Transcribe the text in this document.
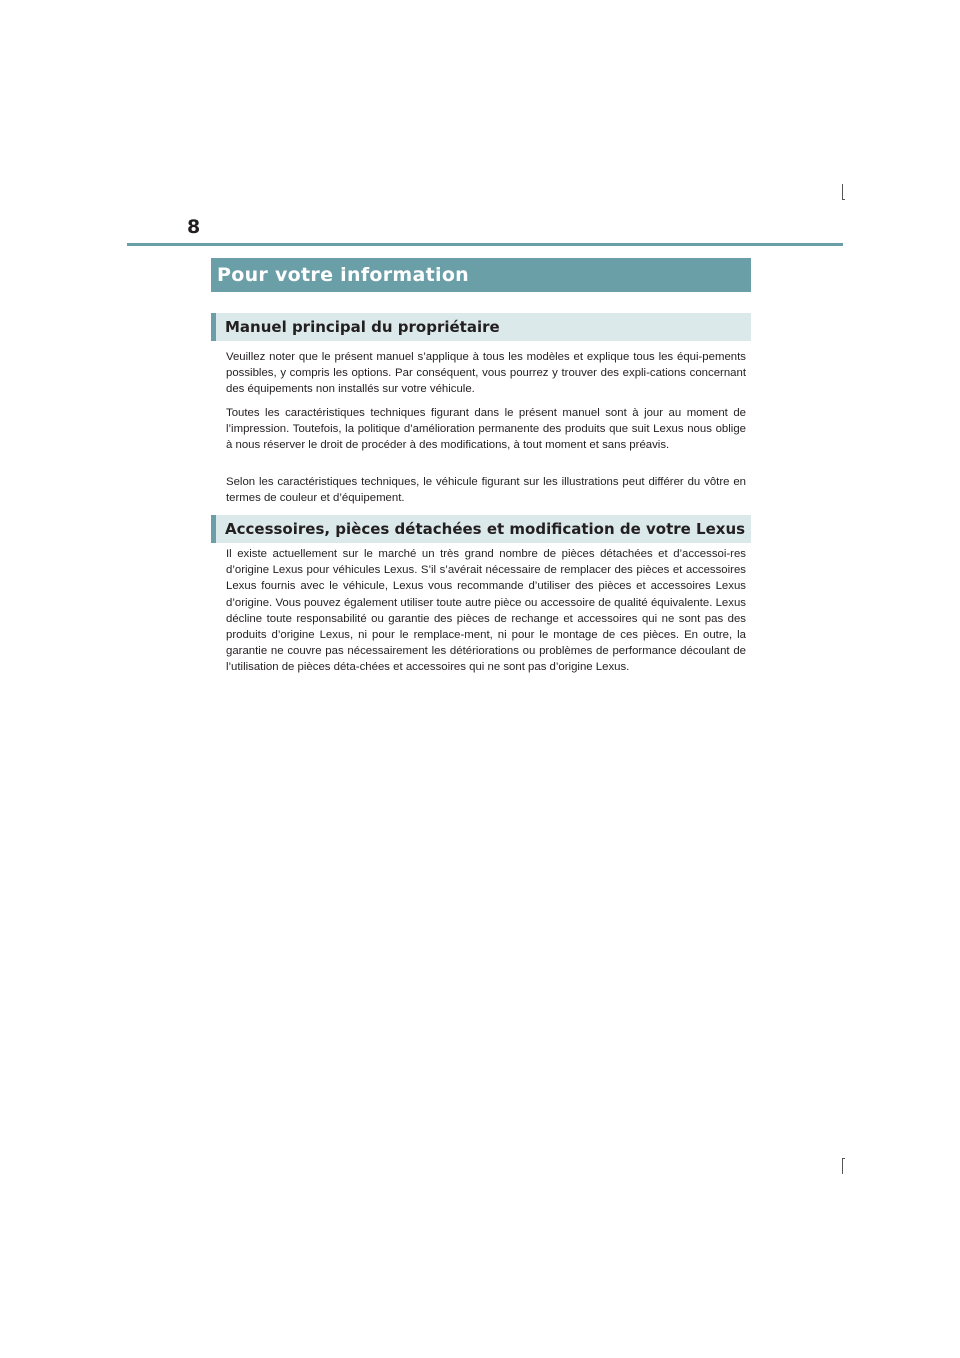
8
Pour votre information
Manuel principal du propriétaire

Veuillez noter que le présent manuel s’applique à tous les modèles et explique tous les équi-pements possibles, y compris les options. Par conséquent, vous pourrez y trouver des expli-cations concernant des équipements non installés sur votre véhicule.

Toutes les caractéristiques techniques figurant dans le présent manuel sont à jour au moment de l’impression. Toutefois, la politique d’amélioration permanente des produits que suit Lexus nous oblige à nous réserver le droit de procéder à des modifications, à tout moment et sans préavis.

Selon les caractéristiques techniques, le véhicule figurant sur les illustrations peut différer du vôtre en termes de couleur et d’équipement.

Accessoires, pièces détachées et modification de votre Lexus

Il existe actuellement sur le marché un très grand nombre de pièces détachées et d’accessoi-res d’origine Lexus pour véhicules Lexus. S’il s’avérait nécessaire de remplacer des pièces et accessoires Lexus fournis avec le véhicule, Lexus vous recommande d’utiliser des pièces et accessoires Lexus d’origine. Vous pouvez également utiliser toute autre pièce ou accessoire de qualité équivalente. Lexus décline toute responsabilité ou garantie des pièces de rechange et accessoires qui ne sont pas des produits d’origine Lexus, ni pour le remplace-ment, ni pour le montage de ces pièces. En outre, la garantie ne couvre pas nécessairement les détériorations ou problèmes de performance découlant de l’utilisation de pièces déta-chées et accessoires qui ne sont pas d’origine Lexus.
